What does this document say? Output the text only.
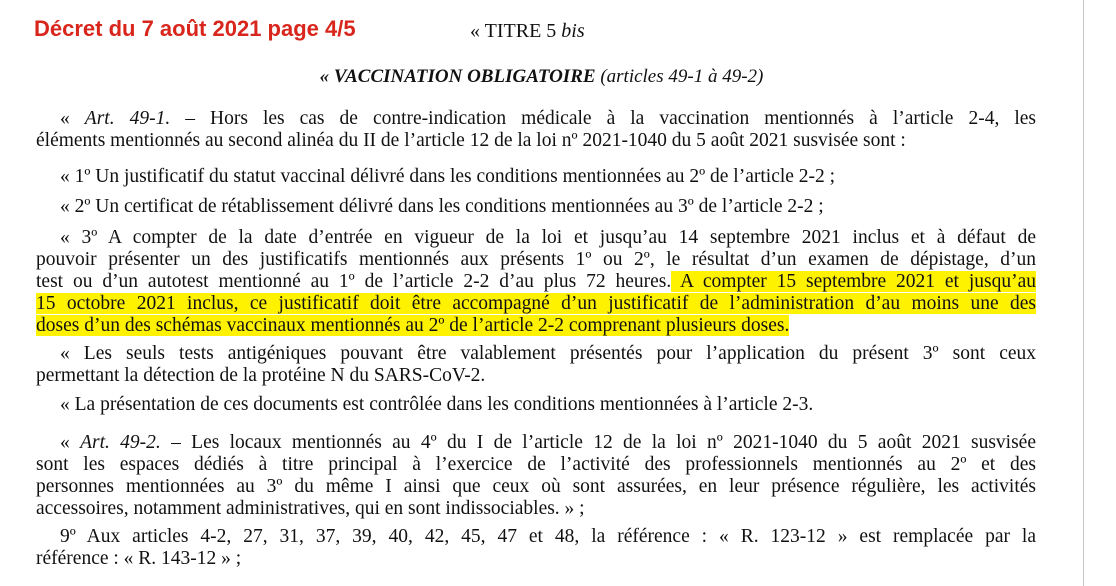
Décret du 7 août 2021 page 4/5	« TITRE 5 bis
« VACCINATION OBLIGATOIRE (articles 49-1 à 49-2)
« Art. 49-1. – Hors les cas de contre-indication médicale à la vaccination mentionnés à l’article 2-4, les
éléments mentionnés au second alinéa du II de l’article 12 de la loi nº 2021-1040 du 5 août 2021 susvisée sont :
« 1º Un justificatif du statut vaccinal délivré dans les conditions mentionnées au 2º de l’article 2-2 ;
« 2º Un certificat de rétablissement délivré dans les conditions mentionnées au 3º de l’article 2-2 ;
« 3º A compter de la date d’entrée en vigueur de la loi et jusqu’au 14 septembre 2021 inclus et à défaut de
pouvoir présenter un des justificatifs mentionnés aux présents 1º ou 2º, le résultat d’un examen de dépistage, d’un
test ou d’un autotest mentionné au 1º de l’article 2-2 d’au plus 72 heures. A compter 15 septembre 2021 et jusqu’au
15 octobre 2021 inclus, ce justificatif doit être accompagné d’un justificatif de l’administration d’au moins une des
doses d’un des schémas vaccinaux mentionnés au 2º de l’article 2-2 comprenant plusieurs doses.
« Les seuls tests antigéniques pouvant être valablement présentés pour l’application du présent 3º sont ceux
permettant la détection de la protéine N du SARS-CoV-2.
« La présentation de ces documents est contrôlée dans les conditions mentionnées à l’article 2-3.
« Art. 49-2. – Les locaux mentionnés au 4º du I de l’article 12 de la loi nº 2021-1040 du 5 août 2021 susvisée
sont les espaces dédiés à titre principal à l’exercice de l’activité des professionnels mentionnés au 2º et des
personnes mentionnées au 3º du même I ainsi que ceux où sont assurées, en leur présence régulière, les activités
accessoires, notamment administratives, qui en sont indissociables. » ;
9º Aux articles 4-2, 27, 31, 37, 39, 40, 42, 45, 47 et 48, la référence : « R. 123-12 » est remplacée par la
référence : « R. 143-12 » ;
